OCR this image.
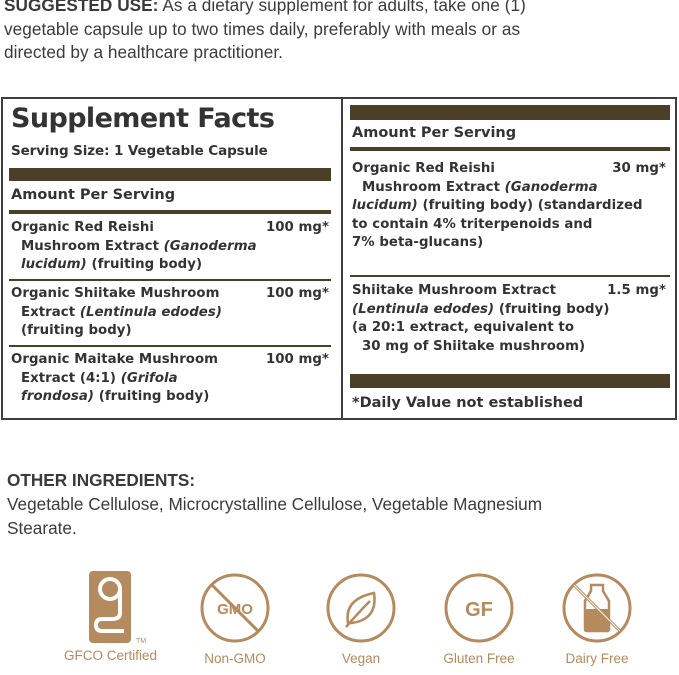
SUGGESTED USE: As a dietary supplement for adults, take one (1)
vegetable capsule up to two times daily, preferably with meals or as
directed by a healthcare practitioner.
Supplement Facts
Serving Size: 1 Vegetable Capsule
Amount Per Serving
Organic Red Reishi	100 mg*
Mushroom Extract (Ganoderma
lucidum) (fruiting body)
Organic Shiitake Mushroom	100 mg*
Extract (Lentinula edodes)
(fruiting body)
Organic Maitake Mushroom	100 mg*
Extract (4:1) (Grifola
frondosa) (fruiting body)
Amount Per Serving
Organic Red Reishi	30 mg*
Mushroom Extract (Ganoderma
lucidum) (fruiting body) (standardized
to contain 4% triterpenoids and
7% beta-glucans)
Shiitake Mushroom Extract	1.5 mg*
(Lentinula edodes) (fruiting body)
(a 20:1 extract, equivalent to
30 mg of Shiitake mushroom)
*Daily Value not established
OTHER INGREDIENTS:
Vegetable Cellulose, Microcrystalline Cellulose, Vegetable Magnesium
Stearate.
TM
GFCO Certified
GMO
Non-GMO	Vegan
GF
Gluten Free	Dairy Free
